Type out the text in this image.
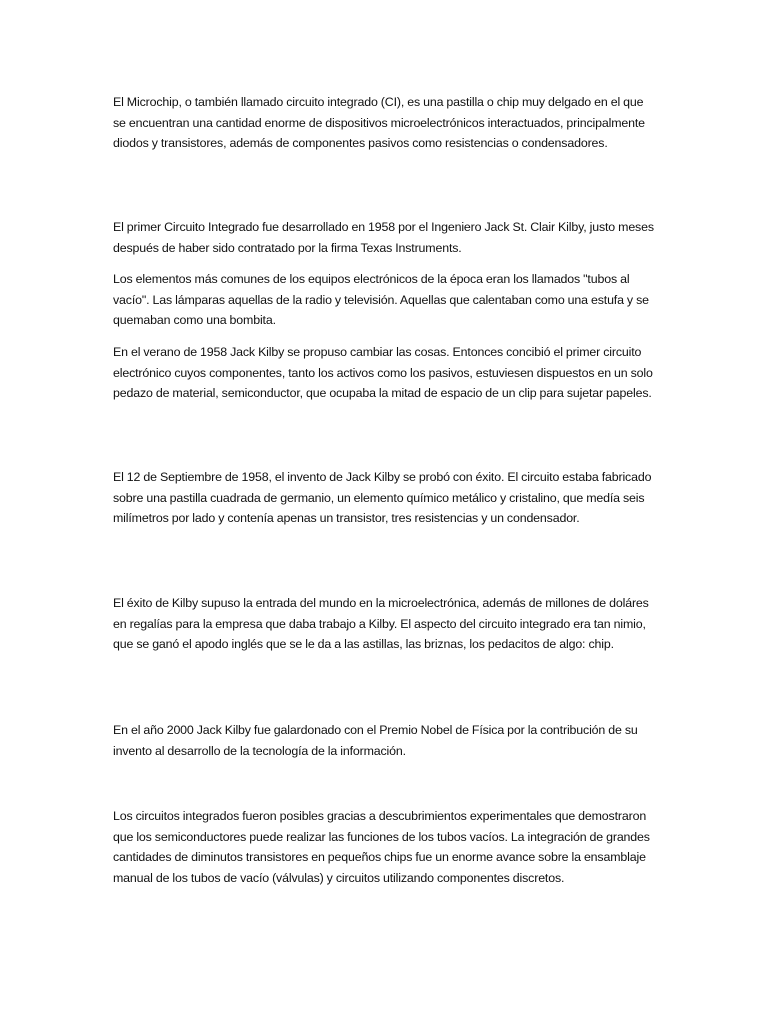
El Microchip, o también llamado circuito integrado (CI), es una pastilla o chip muy delgado en el que se encuentran una cantidad enorme de dispositivos microelectrónicos interactuados, principalmente diodos y transistores, además de componentes pasivos como resistencias o condensadores.

El primer Circuito Integrado fue desarrollado en 1958 por el Ingeniero Jack St. Clair Kilby, justo meses después de haber sido contratado por la firma Texas Instruments.

Los elementos más comunes de los equipos electrónicos de la época eran los llamados "tubos al vacío". Las lámparas aquellas de la radio y televisión. Aquellas que calentaban como una estufa y se quemaban como una bombita.

En el verano de 1958 Jack Kilby se propuso cambiar las cosas. Entonces concibió el primer circuito electrónico cuyos componentes, tanto los activos como los pasivos, estuviesen dispuestos en un solo pedazo de material, semiconductor, que ocupaba la mitad de espacio de un clip para sujetar papeles.

El 12 de Septiembre de 1958, el invento de Jack Kilby se probó con éxito. El circuito estaba fabricado sobre una pastilla cuadrada de germanio, un elemento químico metálico y cristalino, que medía seis milímetros por lado y contenía apenas un transistor, tres resistencias y un condensador.

El éxito de Kilby supuso la entrada del mundo en la microelectrónica, además de millones de doláres en regalías para la empresa que daba trabajo a Kilby. El aspecto del circuito integrado era tan nimio, que se ganó el apodo inglés que se le da a las astillas, las briznas, los pedacitos de algo: chip.

En el año 2000 Jack Kilby fue galardonado con el Premio Nobel de Física por la contribución de su invento al desarrollo de la tecnología de la información.

Los circuitos integrados fueron posibles gracias a descubrimientos experimentales que demostraron que los semiconductores puede realizar las funciones de los tubos vacíos. La integración de grandes cantidades de diminutos transistores en pequeños chips fue un enorme avance sobre la ensamblaje manual de los tubos de vacío (válvulas) y circuitos utilizando componentes discretos.
